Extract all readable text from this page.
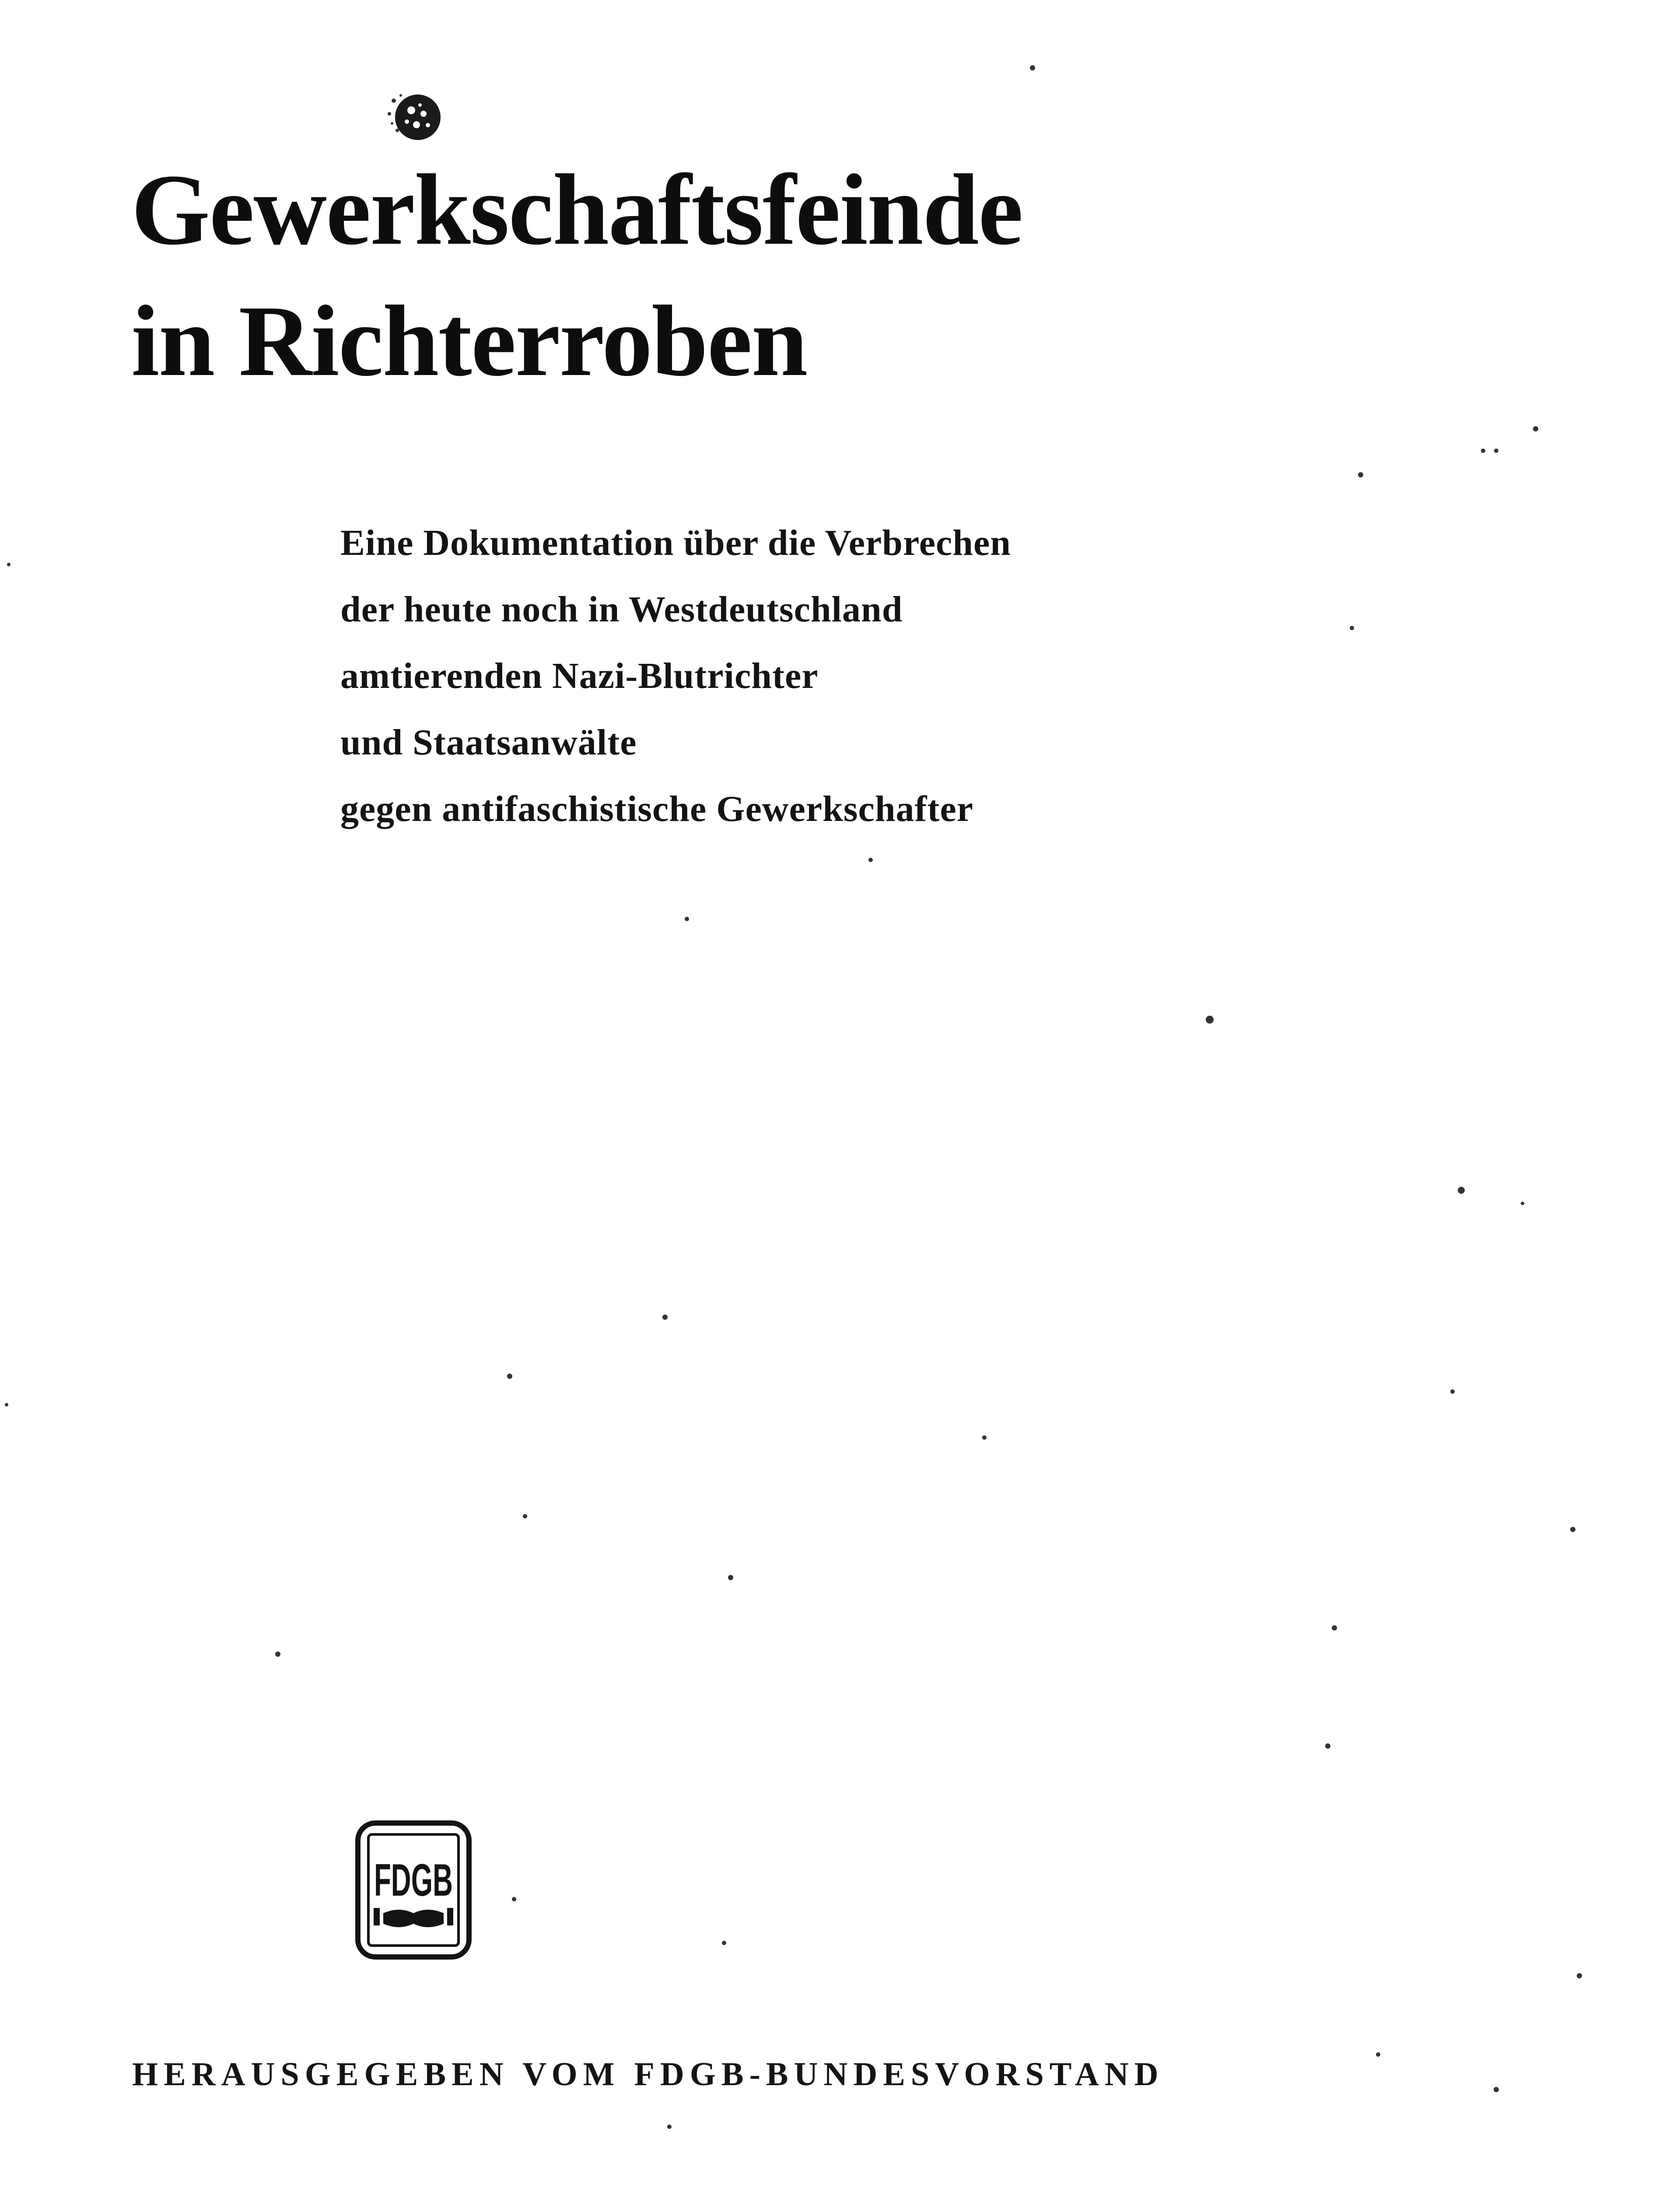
Gewerkschaftsfeinde
in Richterroben
Eine Dokumentation über die Verbrechen
der heute noch in Westdeutschland
amtierenden Nazi-Blutrichter
und Staatsanwälte
gegen antifaschistische Gewerkschafter
FDGB
HERAUSGEGEBEN VOM FDGB-BUNDESVORSTAND
